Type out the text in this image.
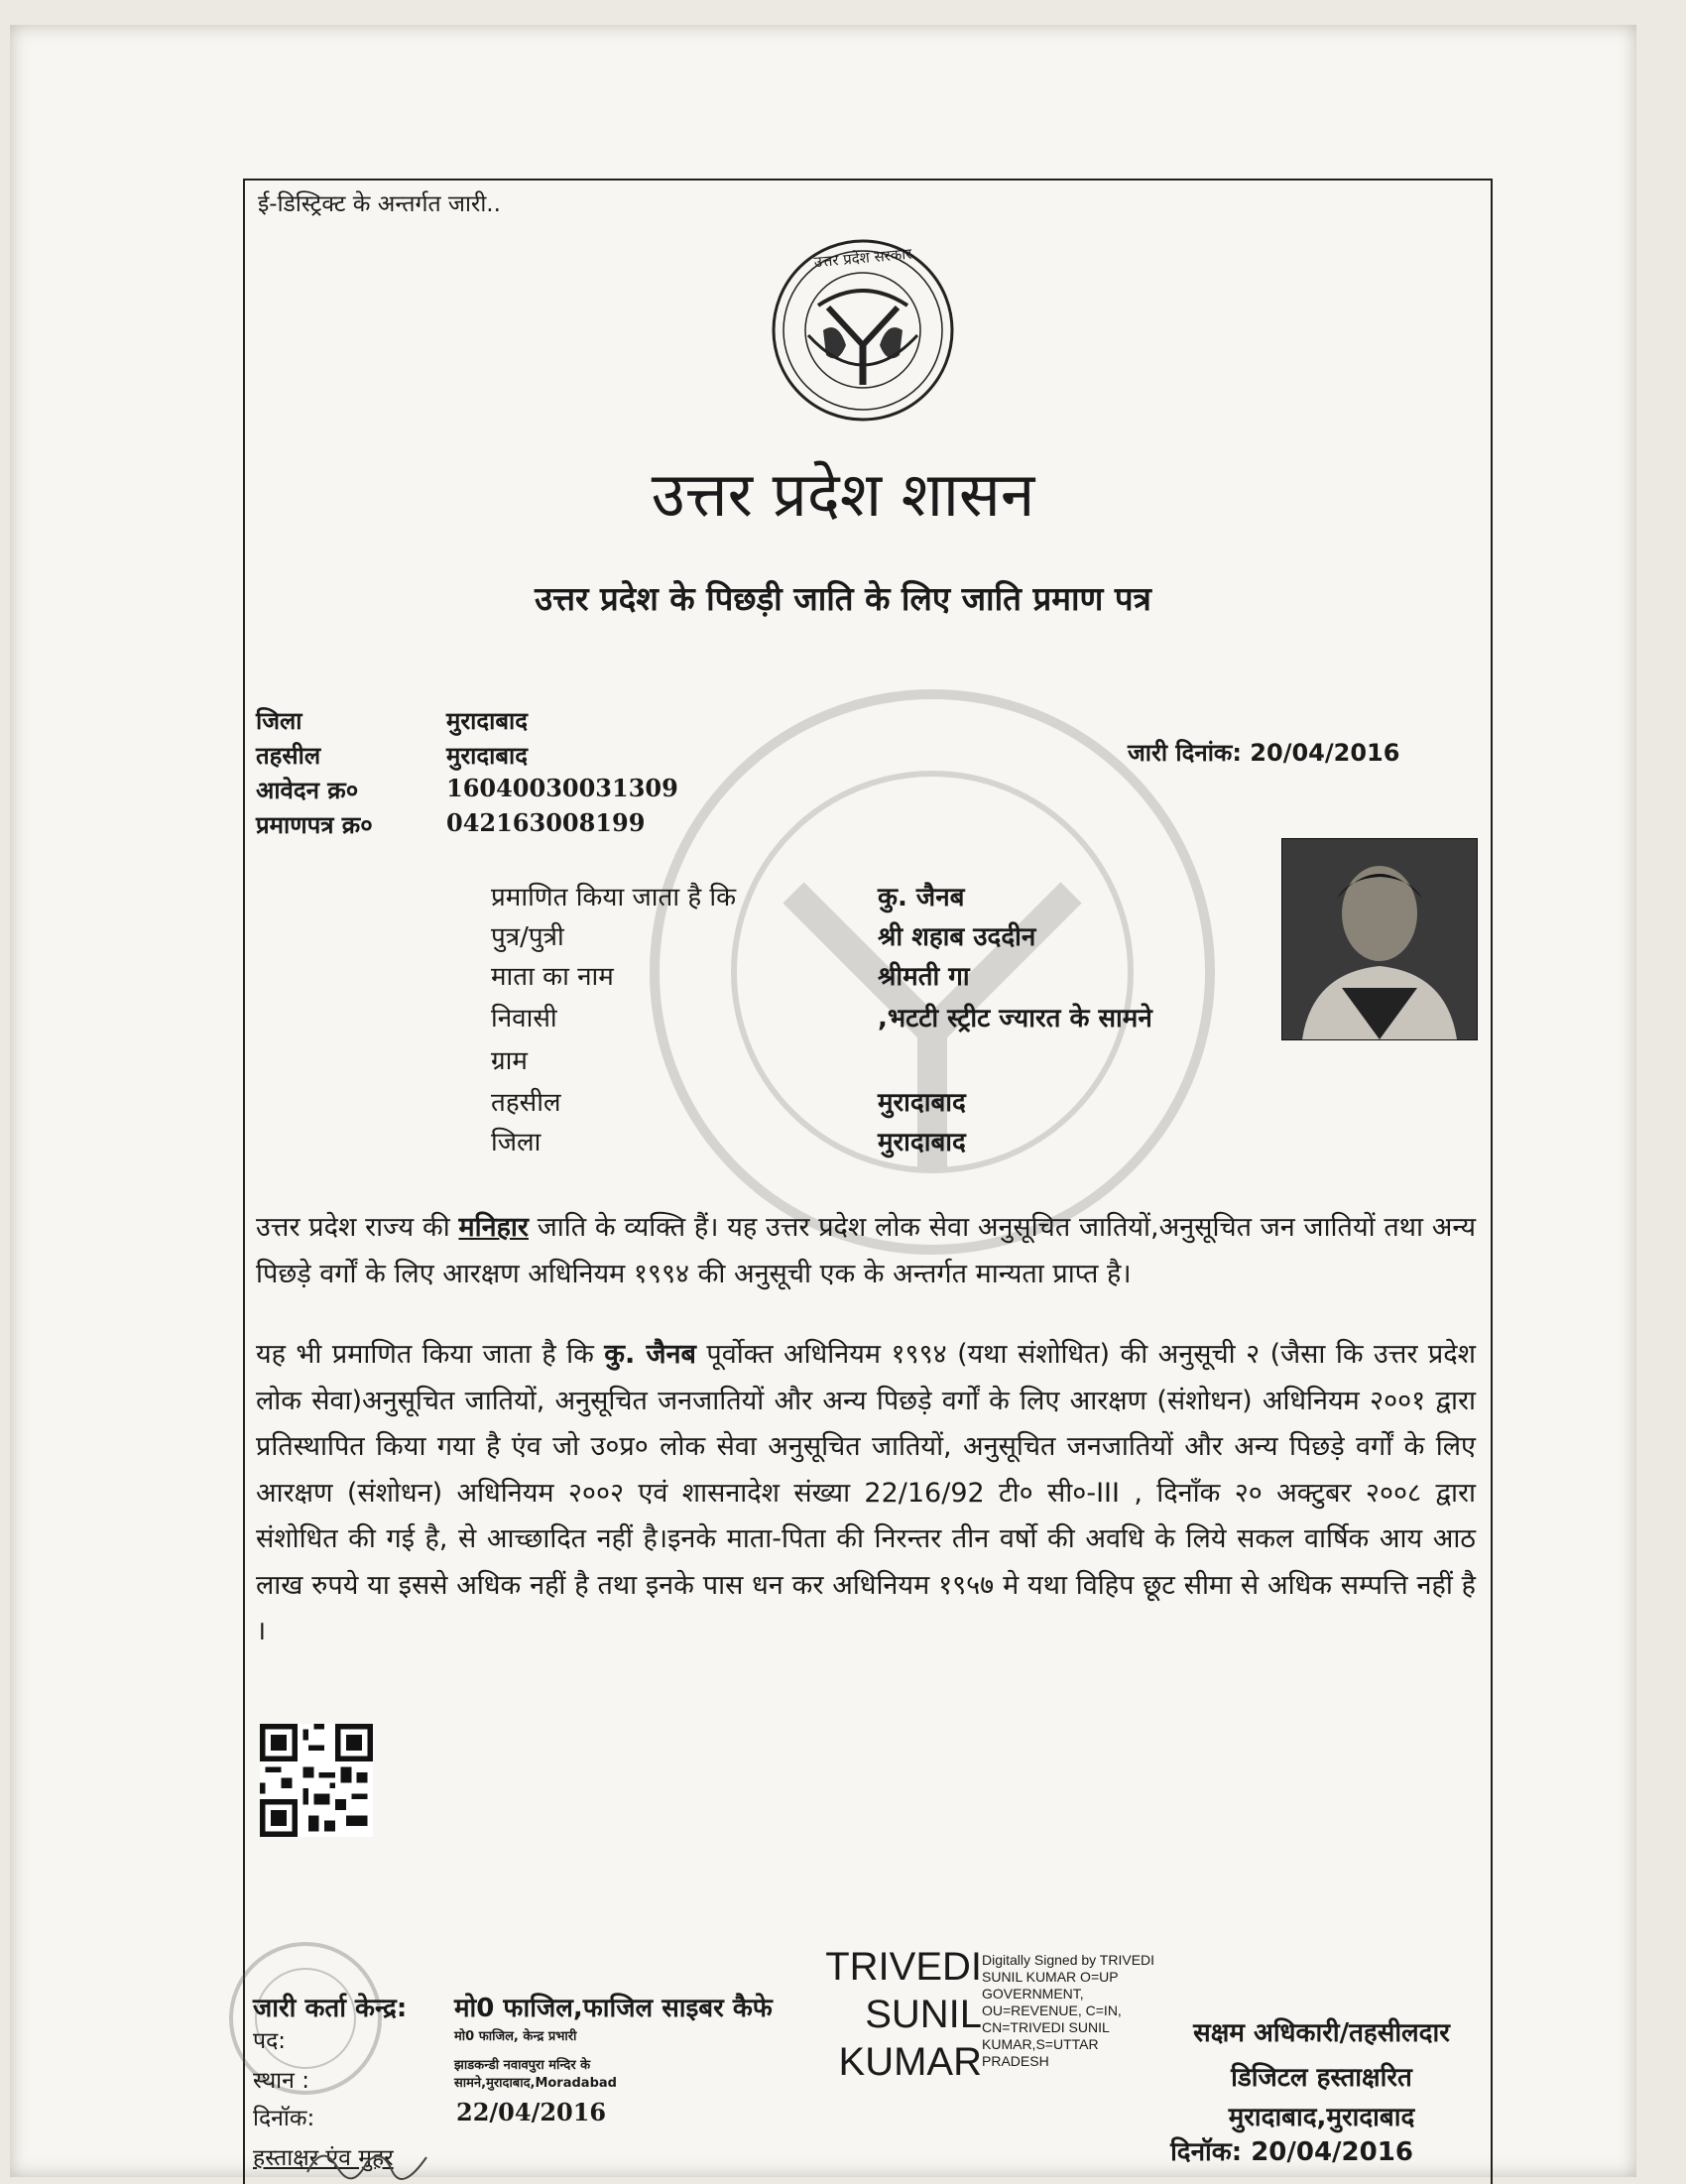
ई-डिस्ट्रिक्ट के अन्तर्गत जारी..
उत्तर प्रदेश सरकार
उत्तर प्रदेश शासन
उत्तर प्रदेश के पिछड़ी जाति के लिए जाति प्रमाण पत्र
जिला	मुरादाबाद
तहसील	मुरादाबाद
आवेदन क्र०	16040030031309
प्रमाणपत्र क्र०	042163008199
जारी दिनांक: 20/04/2016
प्रमाणित किया जाता है कि	कु. जैनब
पुत्र/पुत्री	श्री शहाब उददीन
माता का नाम	श्रीमती गा
निवासी	,भटटी स्ट्रीट ज्यारत के सामने
ग्राम
तहसील	मुरादाबाद
जिला	मुरादाबाद
उत्तर प्रदेश राज्य की मनिहार जाति के व्यक्ति हैं। यह उत्तर प्रदेश लोक सेवा अनुसूचित जातियों,अनुसूचित जन जातियों तथा अन्य पिछड़े वर्गों के लिए आरक्षण अधिनियम १९९४ की अनुसूची एक के अन्तर्गत मान्यता प्राप्त है।
यह भी प्रमाणित किया जाता है कि कु. जैनब पूर्वोक्त अधिनियम १९९४ (यथा संशोधित) की अनुसूची २ (जैसा कि उत्तर प्रदेश लोक सेवा)अनुसूचित जातियों, अनुसूचित जनजातियों और अन्य पिछड़े वर्गों के लिए आरक्षण (संशोधन) अधिनियम २००१ द्वारा प्रतिस्थापित किया गया है एंव जो उ०प्र० लोक सेवा अनुसूचित जातियों, अनुसूचित जनजातियों और अन्य पिछड़े वर्गों के लिए आरक्षण (संशोधन) अधिनियम २००२ एवं शासनादेश संख्या 22/16/92 टी० सी०-III , दिनाँक २० अक्टुबर २००८ द्वारा संशोधित की गई है, से आच्छादित नहीं है।इनके माता-पिता की निरन्तर तीन वर्षो की अवधि के लिये सकल वार्षिक आय आठ लाख रुपये या इससे अधिक नहीं है तथा इनके पास धन कर अधिनियम १९५७ मे यथा विहिप छूट सीमा से अधिक सम्पत्ति नहीं है ।
जारी कर्ता केन्द्र: मो0 फाजिल,फाजिल साइबर कैफे
पद:	मो0 फाजिल, केन्द्र प्रभारी
स्थान :
झाडकन्डी नवावपुरा मन्दिर के
सामने,मुरादाबाद,Moradabad
दिनॉक:	22/04/2016
हस्ताक्षर एंव मुहर
TRIVEDI
SUNIL
KUMAR
Digitally Signed by TRIVEDI SUNIL KUMAR O=UP GOVERNMENT, OU=REVENUE, C=IN, CN=TRIVEDI SUNIL KUMAR,S=UTTAR PRADESH
सक्षम अधिकारी/तहसीलदार
डिजिटल हस्ताक्षरित
मुरादाबाद,मुरादाबाद
दिनॉक: 20/04/2016
